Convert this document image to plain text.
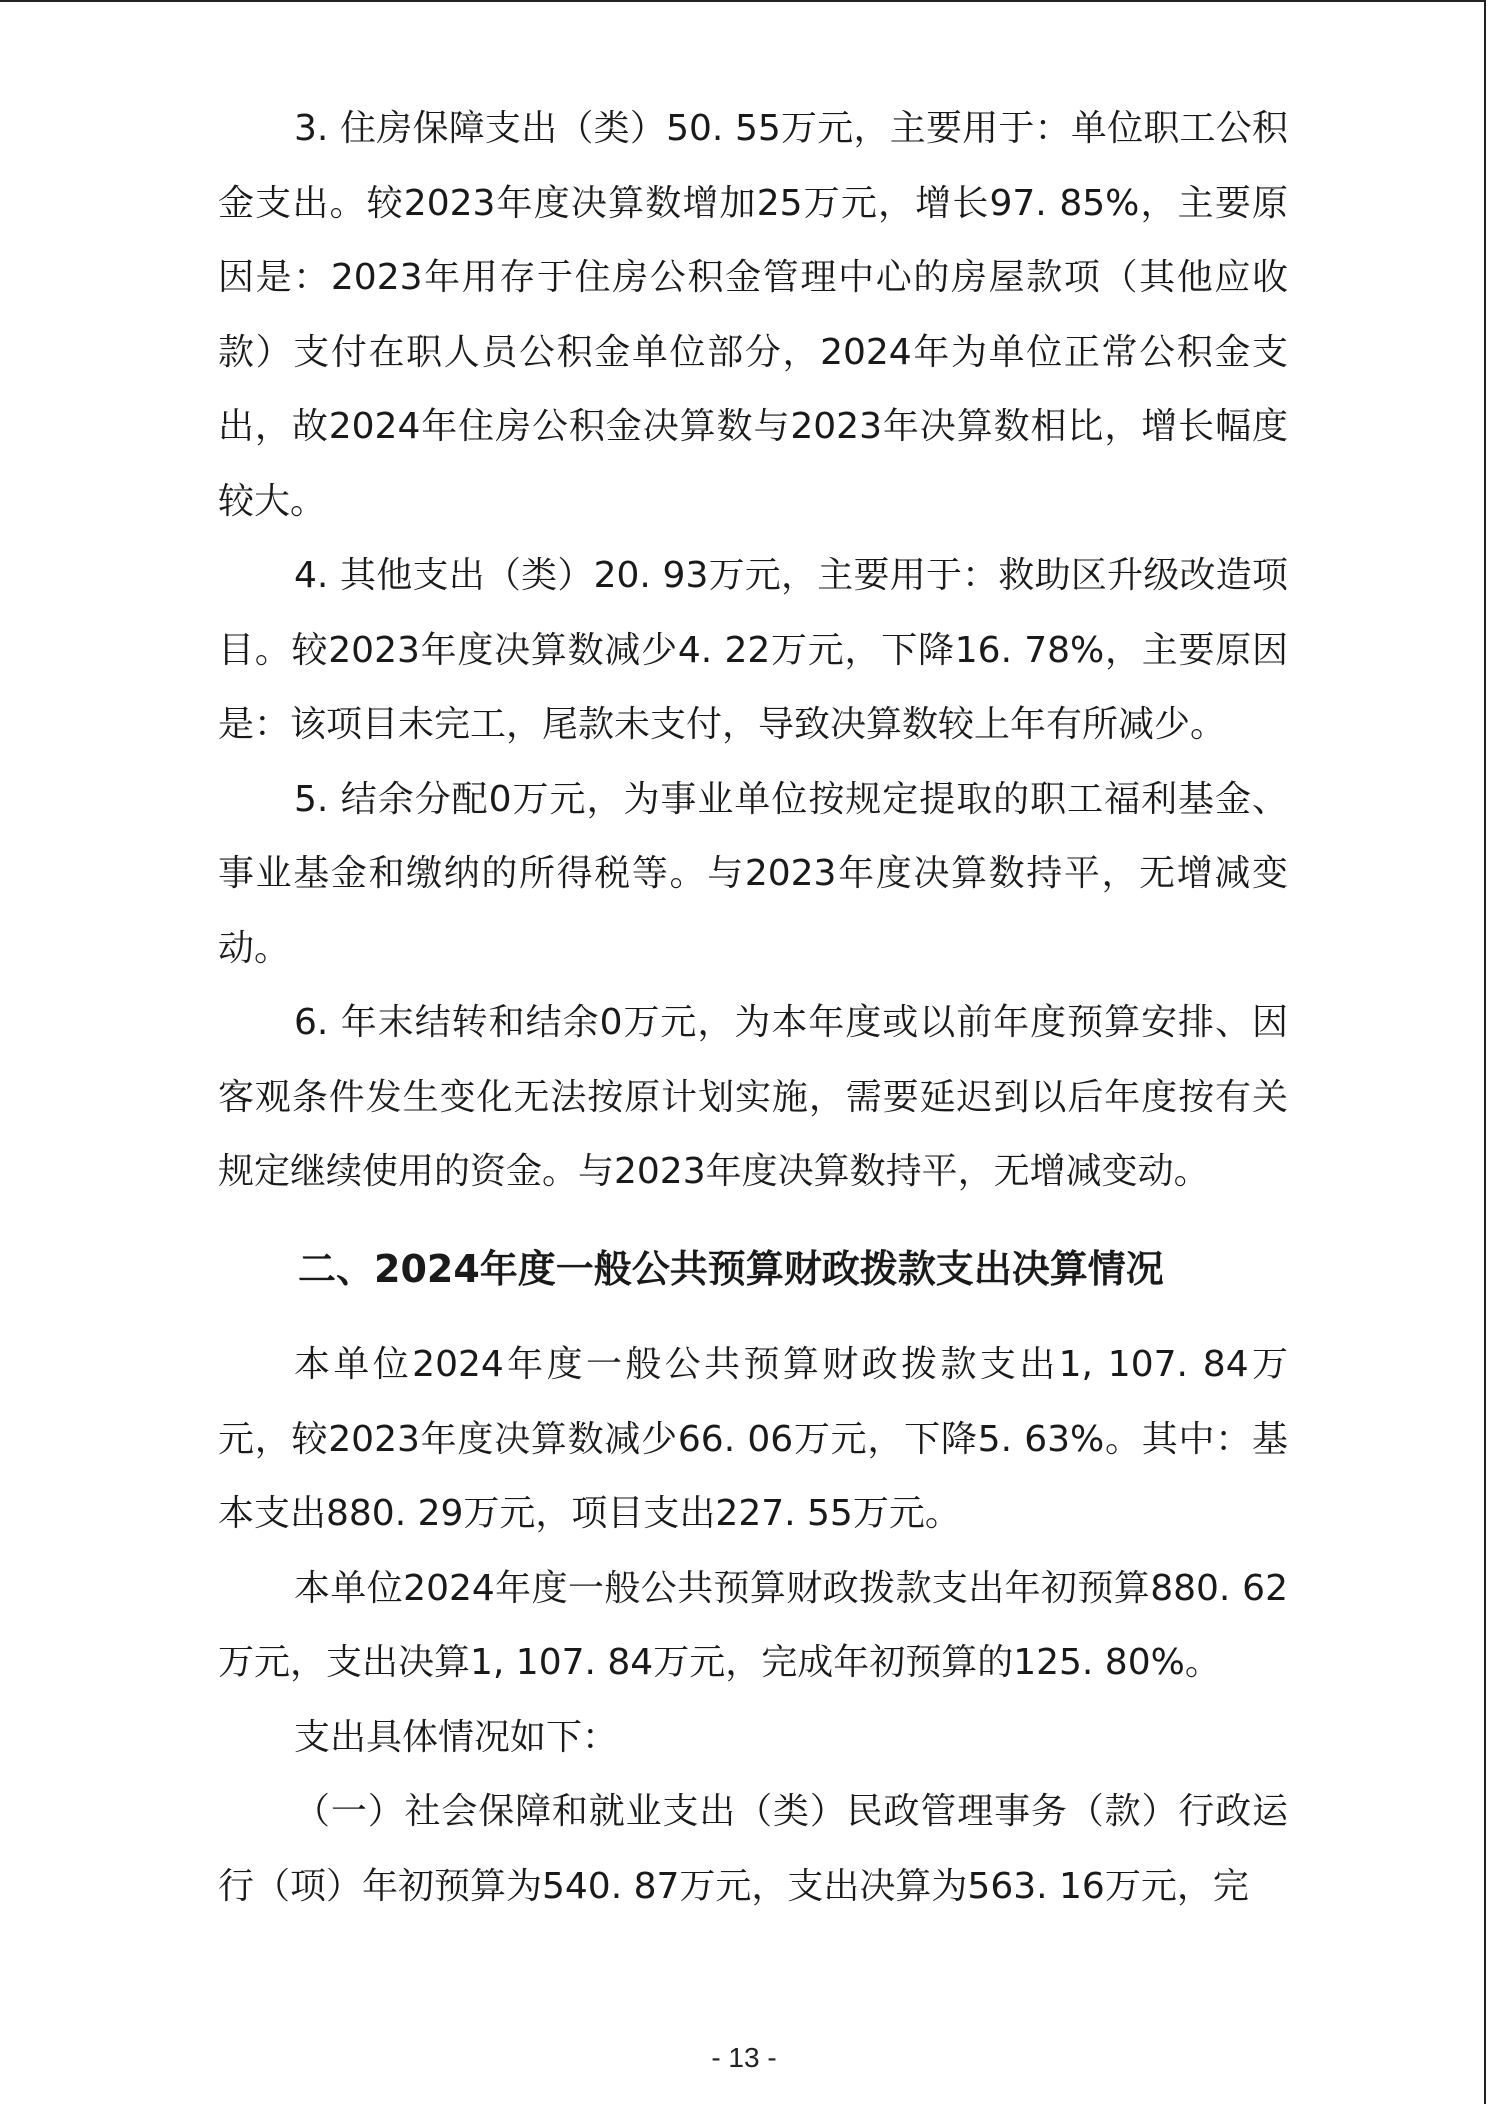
3. 住房保障支出（类）50. 55万元，主要用于：单位职工公积金支出。较2023年度决算数增加25万元，增长97. 85%，主要原因是：2023年用存于住房公积金管理中心的房屋款项（其他应收款）支付在职人员公积金单位部分，2024年为单位正常公积金支出，故2024年住房公积金决算数与2023年决算数相比，增长幅度较大。

4. 其他支出（类）20. 93万元，主要用于：救助区升级改造项目。较2023年度决算数减少4. 22万元，下降16. 78%，主要原因是：该项目未完工，尾款未支付，导致决算数较上年有所减少。

5. 结余分配0万元，为事业单位按规定提取的职工福利基金、事业基金和缴纳的所得税等。与2023年度决算数持平，无增减变动。

6. 年末结转和结余0万元，为本年度或以前年度预算安排、因客观条件发生变化无法按原计划实施，需要延迟到以后年度按有关规定继续使用的资金。与2023年度决算数持平，无增减变动。

二、2024年度一般公共预算财政拨款支出决算情况

本单位2024年度一般公共预算财政拨款支出1, 107. 84万元，较2023年度决算数减少66. 06万元，下降5. 63%。其中：基本支出880. 29万元，项目支出227. 55万元。

本单位2024年度一般公共预算财政拨款支出年初预算880. 62万元，支出决算1, 107. 84万元，完成年初预算的125. 80%。

支出具体情况如下：

（一）社会保障和就业支出（类）民政管理事务（款）行政运行（项）年初预算为540. 87万元，支出决算为563. 16万元，完

- 13 -
